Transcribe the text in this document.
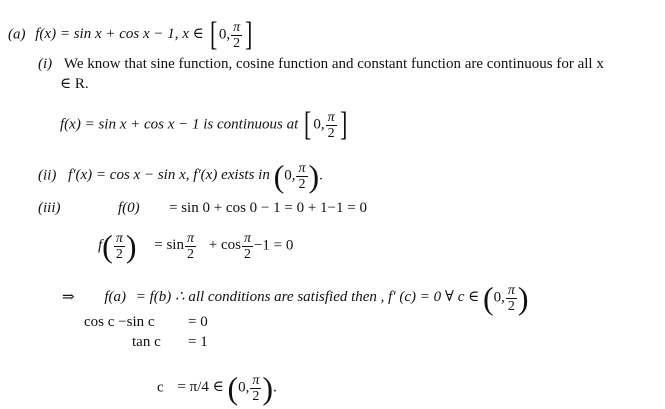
(a) f(x) = sin x + cos x − 1, x ∈ [ 0, $\frac{\pi}{2}$ ]
(i) We know that sine function, cosine function and constant function are continuous for all x
∈ R.
f(x) = sin x + cos x − 1 is continuous at [ 0, $\frac{\pi}{2}$ ]
(ii) f′(x) = cos x − sin x, f′(x) exists in (0, $\frac{\pi}{2}$ ).
(iii)	f(0) = sin 0 + cos 0 − 1 = 0 + 1−1 = 0
$f( \frac{\pi}{2}$ ) = $\sin \frac{\pi}{2} + \cos \frac{\pi}{2} -1 = 0$
⇒ f(a) = f(b) ∴ all conditions are satisfied then , f′ (c) = 0 ∀ c ∈ (0, $\frac{\pi}{2}$ )
cos c −sin c = 0
tan c = 1
c = π/4 ∈ (0, $\frac{\pi}{2}$ ).
